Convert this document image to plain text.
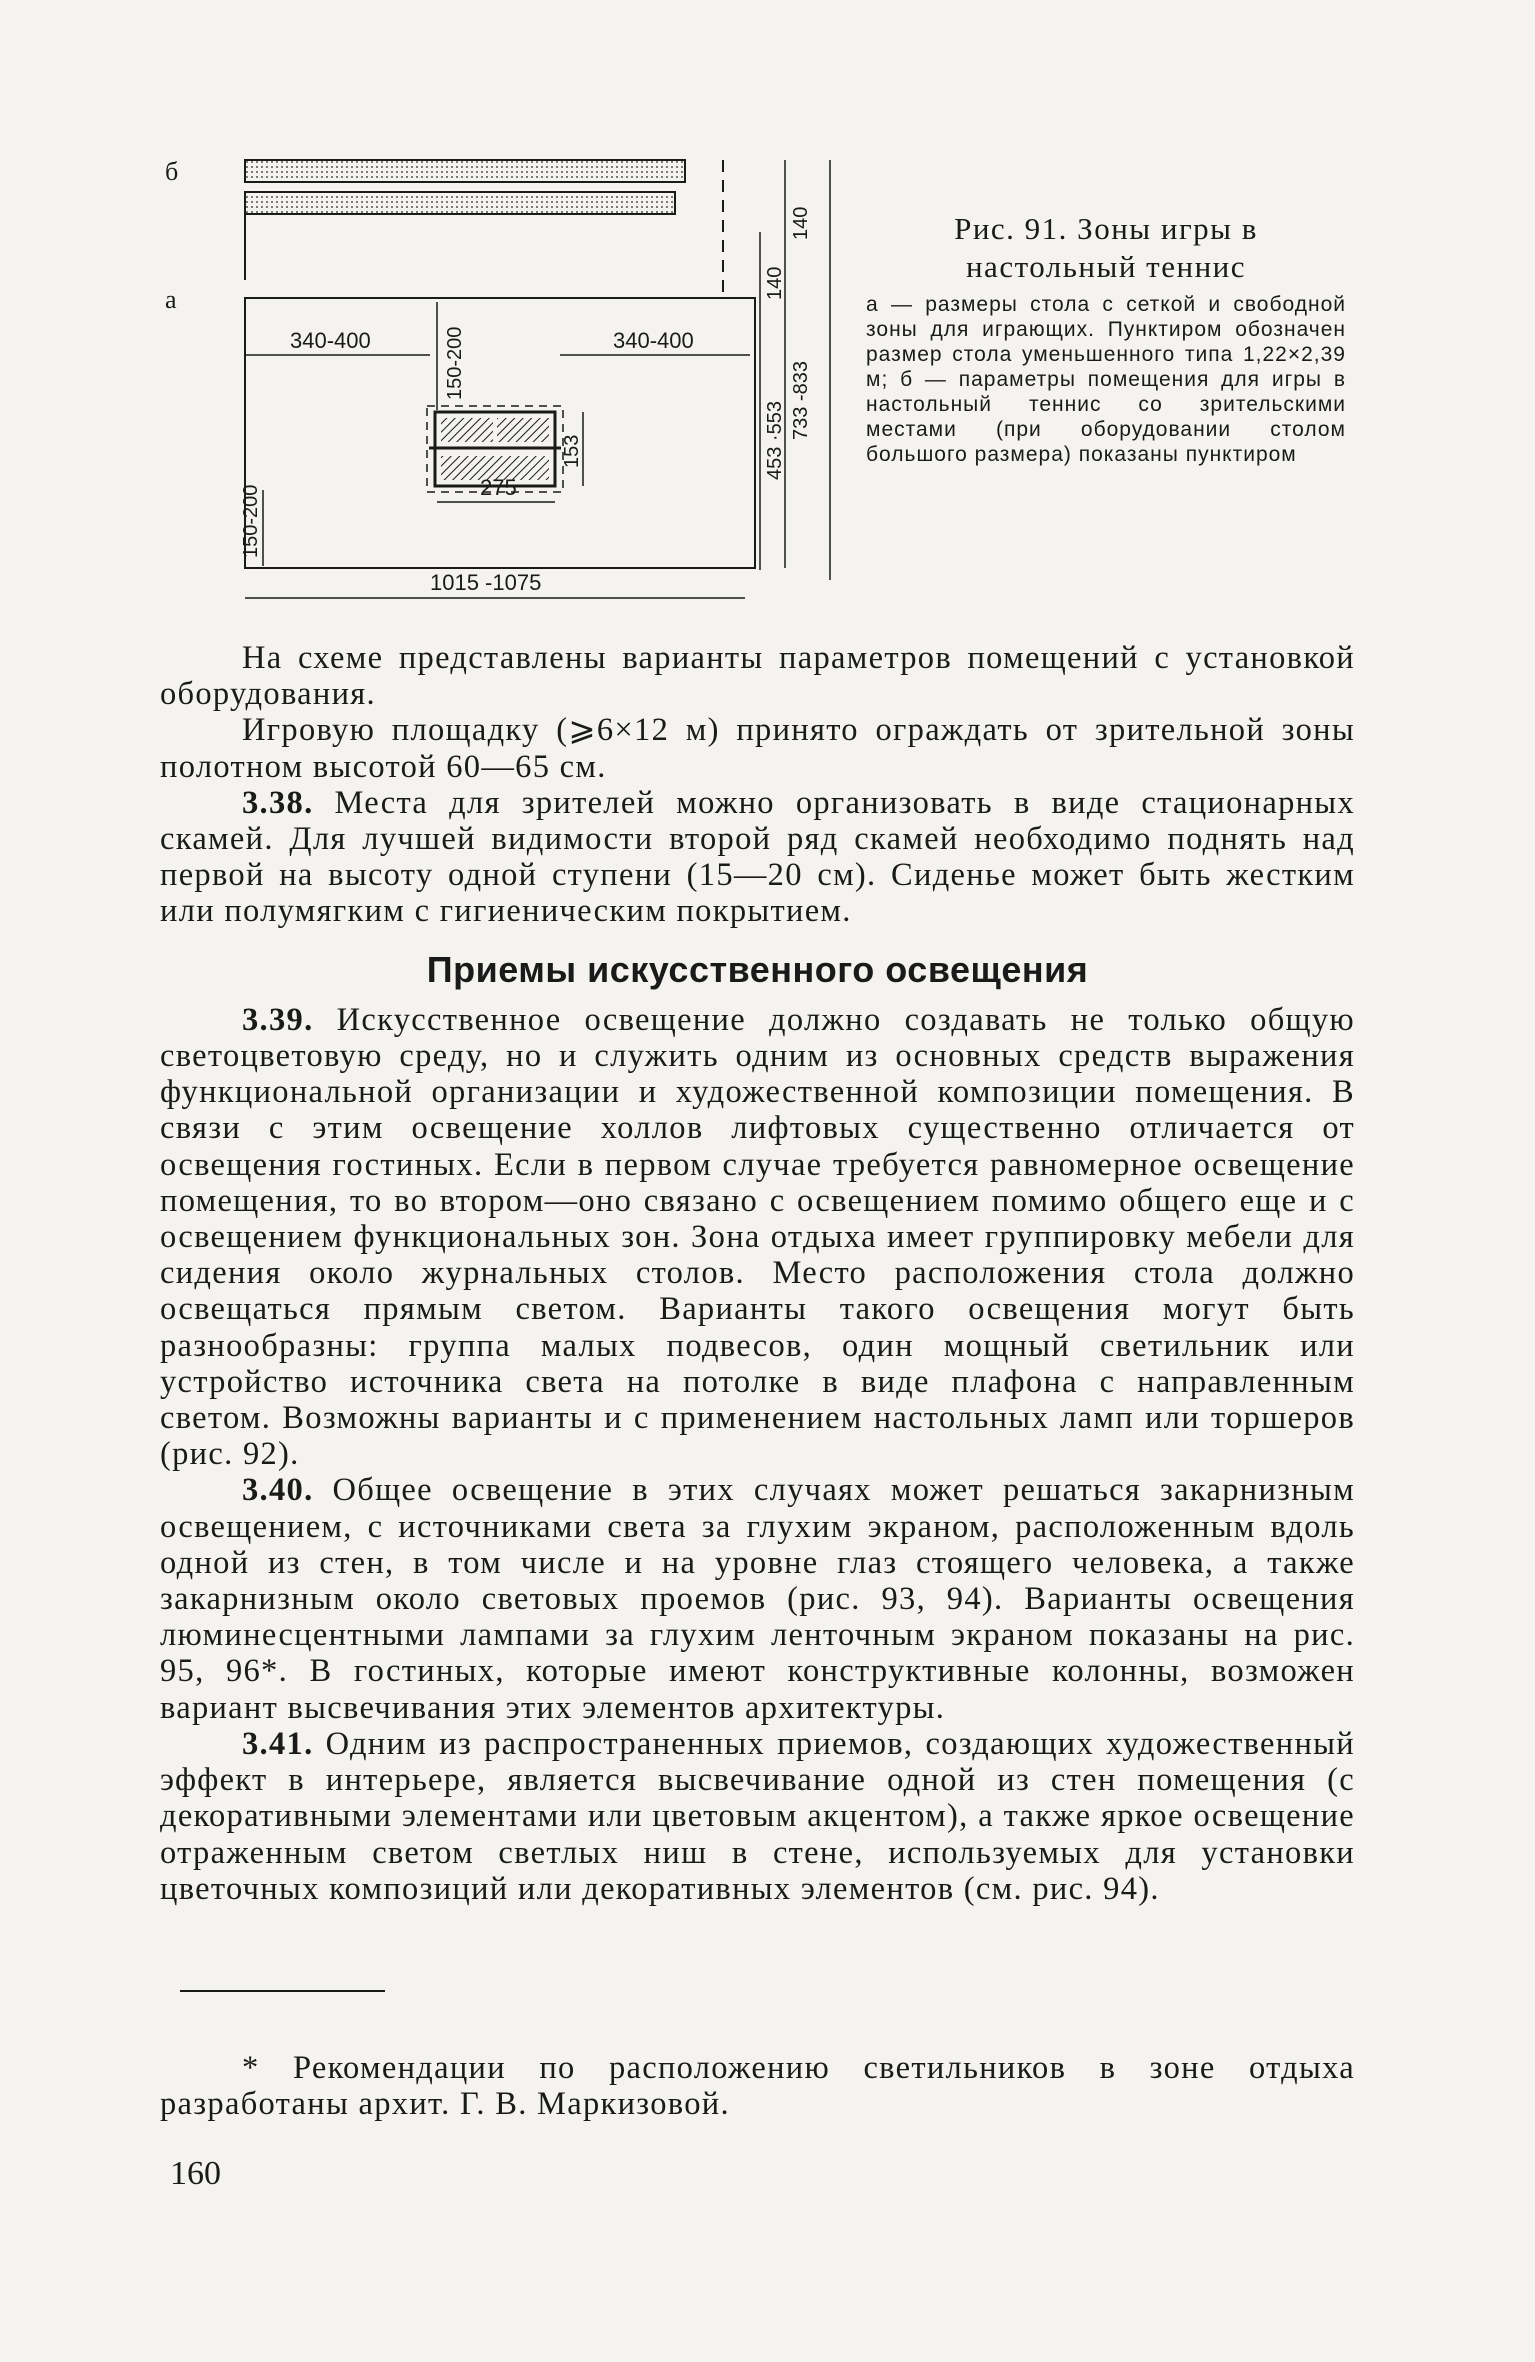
б
а
340-400	340-400
275
1015 -1075
150-200
150-200
153
140
140
453 ·553
733 -833

Рис. 91. Зоны игры в настольный теннис

а — размеры стола с сеткой и свободной зоны для играющих. Пунктиром обозначен размер стола уменьшенного типа 1,22×2,39 м; б — параметры помещения для игры в настольный теннис со зрительскими местами (при оборудовании столом большого размера) показаны пунктиром

На схеме представлены варианты параметров помещений с установкой оборудования.

Игровую площадку (⩾6×12 м) принято ограждать от зрительной зоны полотном высотой 60—65 см.

3.38. Места для зрителей можно организовать в виде стационарных скамей. Для лучшей видимости второй ряд скамей необходимо поднять над первой на высоту одной ступени (15—20 см). Сиденье может быть жестким или полумягким с гигиеническим покрытием.

Приемы искусственного освещения

3.39. Искусственное освещение должно создавать не только общую светоцветовую среду, но и служить одним из основных средств выражения функциональной организации и художественной композиции помещения. В связи с этим освещение холлов лифтовых существенно отличается от освещения гостиных. Если в первом случае требуется равномерное освещение помещения, то во втором—оно связано с освещением помимо общего еще и с освещением функциональных зон. Зона отдыха имеет группировку мебели для сидения около журнальных столов. Место расположения стола должно освещаться прямым светом. Варианты такого освещения могут быть разнообразны: группа малых подвесов, один мощный светильник или устройство источника света на потолке в виде плафона с направленным светом. Возможны варианты и с применением настольных ламп или торшеров (рис. 92).

3.40. Общее освещение в этих случаях может решаться закарнизным освещением, с источниками света за глухим экраном, расположенным вдоль одной из стен, в том числе и на уровне глаз стоящего человека, а также закарнизным около световых проемов (рис. 93, 94). Варианты освещения люминесцентными лампами за глухим ленточным экраном показаны на рис. 95, 96*. В гостиных, которые имеют конструктивные колонны, возможен вариант высвечивания этих элементов архитектуры.

3.41. Одним из распространенных приемов, создающих художественный эффект в интерьере, является высвечивание одной из стен помещения (с декоративными элементами или цветовым акцентом), а также яркое освещение отраженным светом светлых ниш в стене, используемых для установки цветочных композиций или декоративных элементов (см. рис. 94).

* Рекомендации по расположению светильников в зоне отдыха разработаны архит. Г. В. Маркизовой.

160
